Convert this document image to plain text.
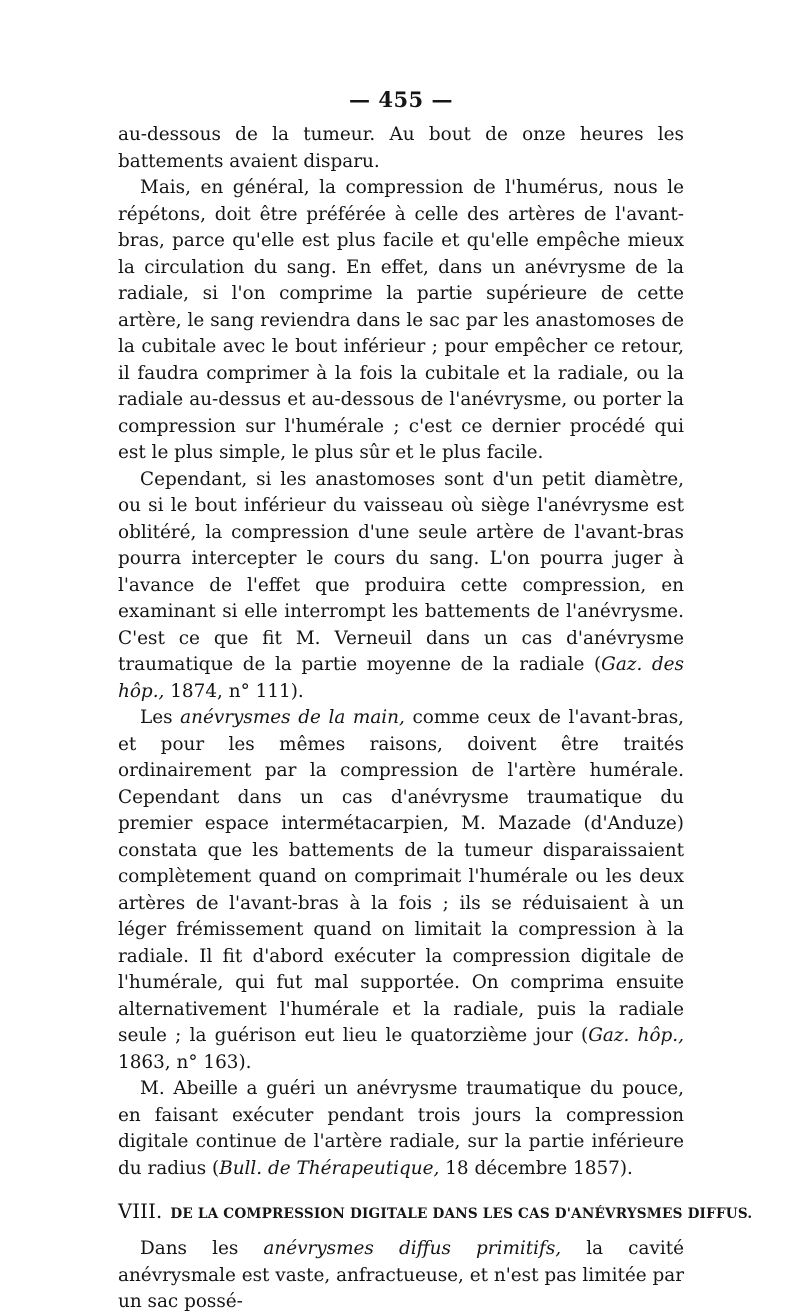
— 455 —

au-dessous de la tumeur. Au bout de onze heures les battements avaient disparu.

Mais, en général, la compression de l'humérus, nous le répétons, doit être préférée à celle des artères de l'avant-bras, parce qu'elle est plus facile et qu'elle empêche mieux la circulation du sang. En effet, dans un anévrysme de la radiale, si l'on comprime la partie supérieure de cette artère, le sang reviendra dans le sac par les anastomoses de la cubitale avec le bout inférieur ; pour empêcher ce retour, il faudra comprimer à la fois la cubitale et la radiale, ou la radiale au-dessus et au-dessous de l'anévrysme, ou porter la compression sur l'humérale ; c'est ce dernier procédé qui est le plus simple, le plus sûr et le plus facile.

Cependant, si les anastomoses sont d'un petit diamètre, ou si le bout inférieur du vaisseau où siège l'anévrysme est oblitéré, la compression d'une seule artère de l'avant-bras pourra intercepter le cours du sang. L'on pourra juger à l'avance de l'effet que produira cette compression, en examinant si elle interrompt les battements de l'anévrysme. C'est ce que fit M. Verneuil dans un cas d'anévrysme traumatique de la partie moyenne de la radiale (Gaz. des hôp., 1874, n° 111).

Les anévrysmes de la main, comme ceux de l'avant-bras, et pour les mêmes raisons, doivent être traités ordinairement par la compression de l'artère humérale. Cependant dans un cas d'anévrysme traumatique du premier espace intermétacarpien, M. Mazade (d'Anduze) constata que les battements de la tumeur disparaissaient complètement quand on comprimait l'humérale ou les deux artères de l'avant-bras à la fois ; ils se réduisaient à un léger frémissement quand on limitait la compression à la radiale. Il fit d'abord exécuter la compression digitale de l'humérale, qui fut mal supportée. On comprima ensuite alternativement l'humérale et la radiale, puis la radiale seule ; la guérison eut lieu le quatorzième jour (Gaz. hôp., 1863, n° 163).

M. Abeille a guéri un anévrysme traumatique du pouce, en faisant exécuter pendant trois jours la compression digitale continue de l'artère radiale, sur la partie inférieure du radius (Bull. de Thérapeutique, 18 décembre 1857).

VIII. DE LA COMPRESSION DIGITALE DANS LES CAS D'ANÉVRYSMES DIFFUS.

Dans les anévrysmes diffus primitifs, la cavité anévrysmale est vaste, anfractueuse, et n'est pas limitée par un sac possé-
